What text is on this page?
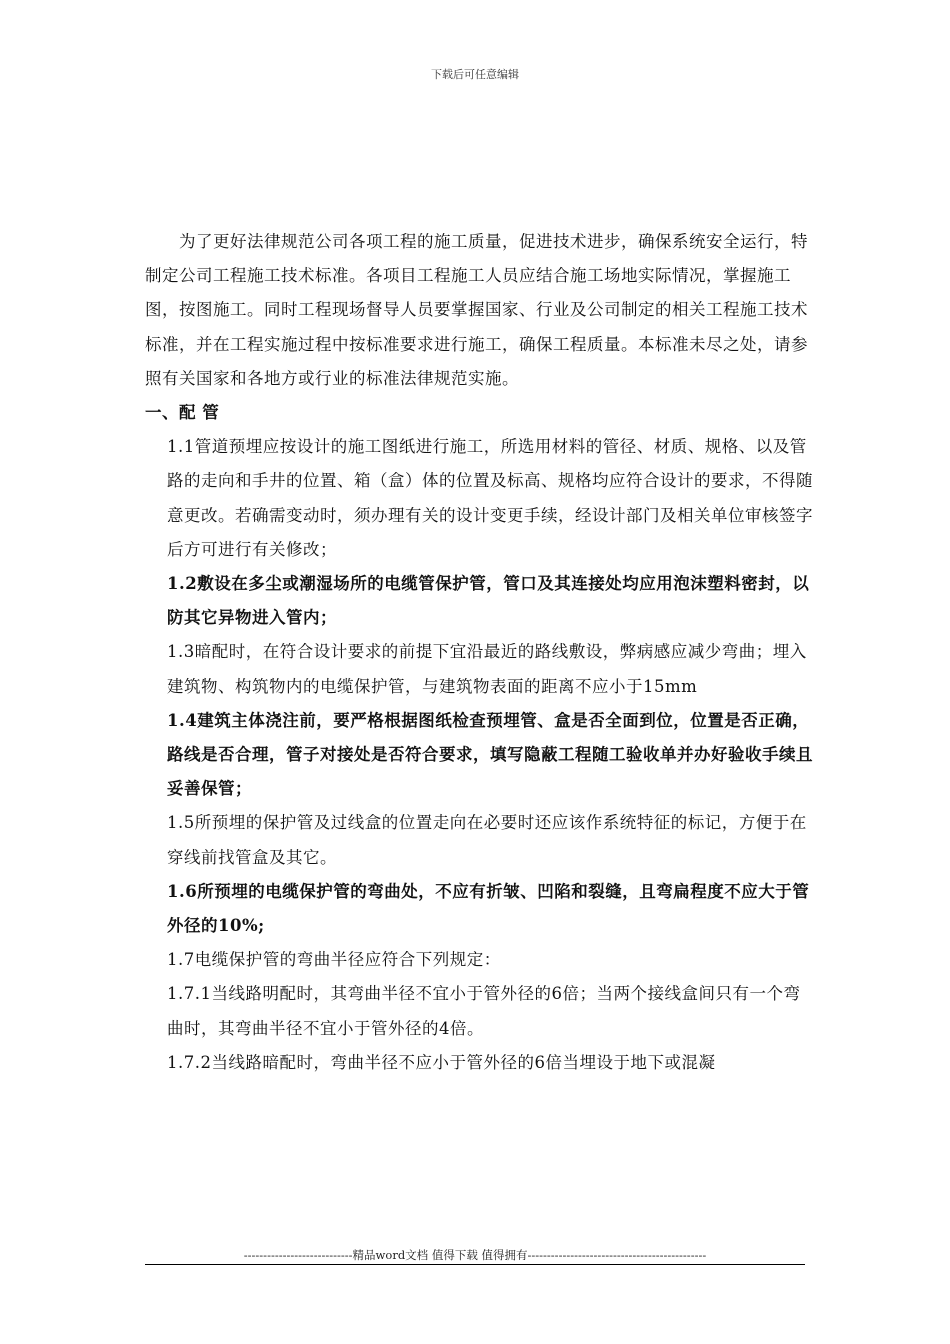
下载后可任意编辑

为了更好法律规范公司各项工程的施工质量，促进技术进步，确保系统安全运行，特制定公司工程施工技术标准。各项目工程施工人员应结合施工场地实际情况，掌握施工图，按图施工。同时工程现场督导人员要掌握国家、行业及公司制定的相关工程施工技术标准，并在工程实施过程中按标准要求进行施工，确保工程质量。本标准未尽之处，请参照有关国家和各地方或行业的标准法律规范实施。

一、配 管

1.1管道预埋应按设计的施工图纸进行施工，所选用材料的管径、材质、规格、以及管路的走向和手井的位置、箱（盒）体的位置及标高、规格均应符合设计的要求，不得随意更改。若确需变动时，须办理有关的设计变更手续，经设计部门及相关单位审核签字后方可进行有关修改；

1.2敷设在多尘或潮湿场所的电缆管保护管，管口及其连接处均应用泡沫塑料密封，以防其它异物进入管内；

1.3暗配时，在符合设计要求的前提下宜沿最近的路线敷设，弊病感应减少弯曲；埋入建筑物、构筑物内的电缆保护管，与建筑物表面的距离不应小于15mm

1.4建筑主体浇注前，要严格根据图纸检查预埋管、盒是否全面到位，位置是否正确，路线是否合理，管子对接处是否符合要求，填写隐蔽工程随工验收单并办好验收手续且妥善保管；

1.5所预埋的保护管及过线盒的位置走向在必要时还应该作系统特征的标记，方便于在穿线前找管盒及其它。

1.6所预埋的电缆保护管的弯曲处，不应有折皱、凹陷和裂缝，且弯扁程度不应大于管外径的10%;

1.7电缆保护管的弯曲半径应符合下列规定：

1.7.1当线路明配时，其弯曲半径不宜小于管外径的6倍；当两个接线盒间只有一个弯曲时，其弯曲半径不宜小于管外径的4倍。

1.7.2当线路暗配时，弯曲半径不应小于管外径的6倍当埋设于地下或混凝

----------------------------精品word文档 值得下载 值得拥有----------------------------------------------
